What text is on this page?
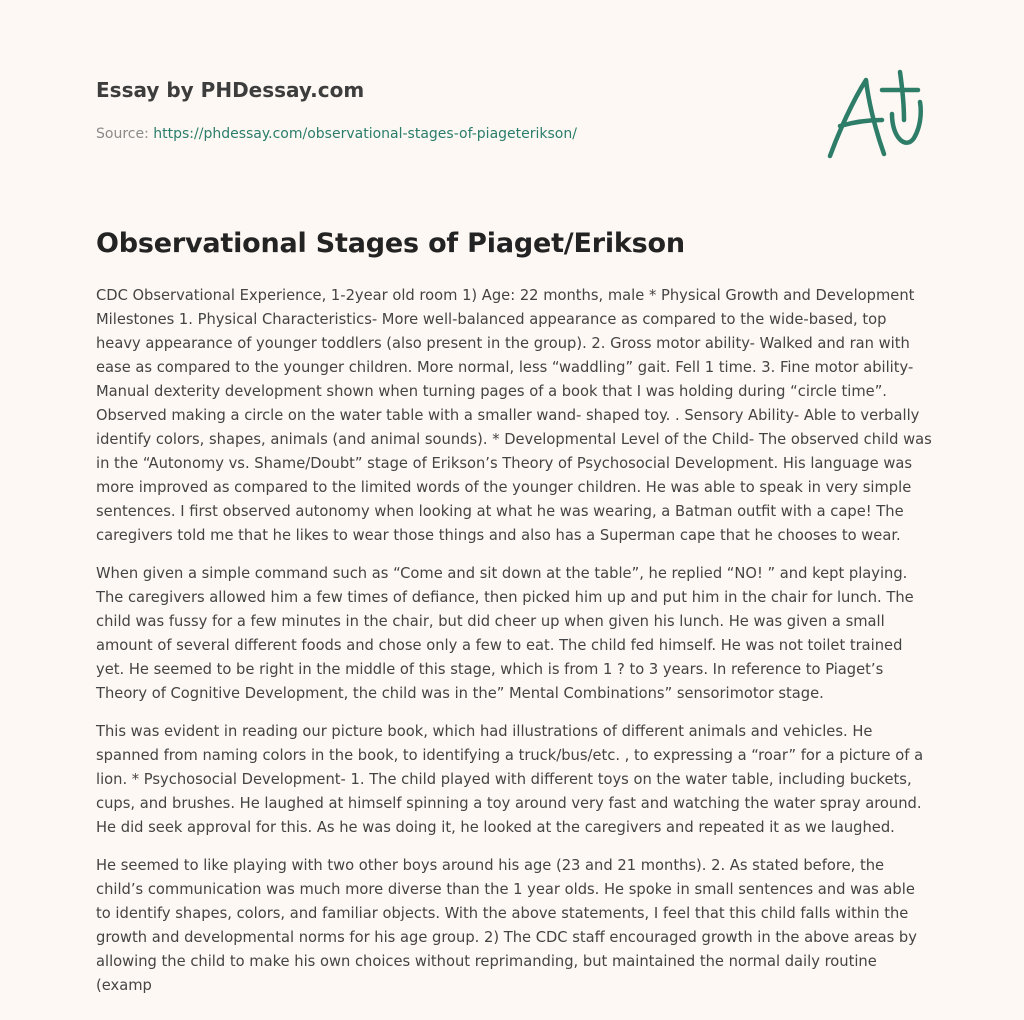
Essay by PHDessay.com
Source: https://phdessay.com/observational-stages-of-piageterikson/
Observational Stages of Piaget/Erikson

CDC Observational Experience, 1-2year old room 1) Age: 22 months, male * Physical Growth and Development Milestones 1. Physical Characteristics- More well-balanced appearance as compared to the wide-based, top heavy appearance of younger toddlers (also present in the group). 2. Gross motor ability- Walked and ran with ease as compared to the younger children. More normal, less “waddling” gait. Fell 1 time. 3. Fine motor ability- Manual dexterity development shown when turning pages of a book that I was holding during “circle time”. Observed making a circle on the water table with a smaller wand- shaped toy. . Sensory Ability- Able to verbally identify colors, shapes, animals (and animal sounds). * Developmental Level of the Child- The observed child was in the “Autonomy vs. Shame/Doubt” stage of Erikson’s Theory of Psychosocial Development. His language was more improved as compared to the limited words of the younger children. He was able to speak in very simple sentences. I first observed autonomy when looking at what he was wearing, a Batman outfit with a cape! The caregivers told me that he likes to wear those things and also has a Superman cape that he chooses to wear.

When given a simple command such as “Come and sit down at the table”, he replied “NO! ” and kept playing. The caregivers allowed him a few times of defiance, then picked him up and put him in the chair for lunch. The child was fussy for a few minutes in the chair, but did cheer up when given his lunch. He was given a small amount of several different foods and chose only a few to eat. The child fed himself. He was not toilet trained yet. He seemed to be right in the middle of this stage, which is from 1 ? to 3 years. In reference to Piaget’s Theory of Cognitive Development, the child was in the” Mental Combinations” sensorimotor stage.

This was evident in reading our picture book, which had illustrations of different animals and vehicles. He spanned from naming colors in the book, to identifying a truck/bus/etc. , to expressing a “roar” for a picture of a lion. * Psychosocial Development- 1. The child played with different toys on the water table, including buckets, cups, and brushes. He laughed at himself spinning a toy around very fast and watching the water spray around. He did seek approval for this. As he was doing it, he looked at the caregivers and repeated it as we laughed.

He seemed to like playing with two other boys around his age (23 and 21 months). 2. As stated before, the child’s communication was much more diverse than the 1 year olds. He spoke in small sentences and was able to identify shapes, colors, and familiar objects. With the above statements, I feel that this child falls within the growth and developmental norms for his age group. 2) The CDC staff encouraged growth in the above areas by allowing the child to make his own choices without reprimanding, but maintained the normal daily routine (examp
